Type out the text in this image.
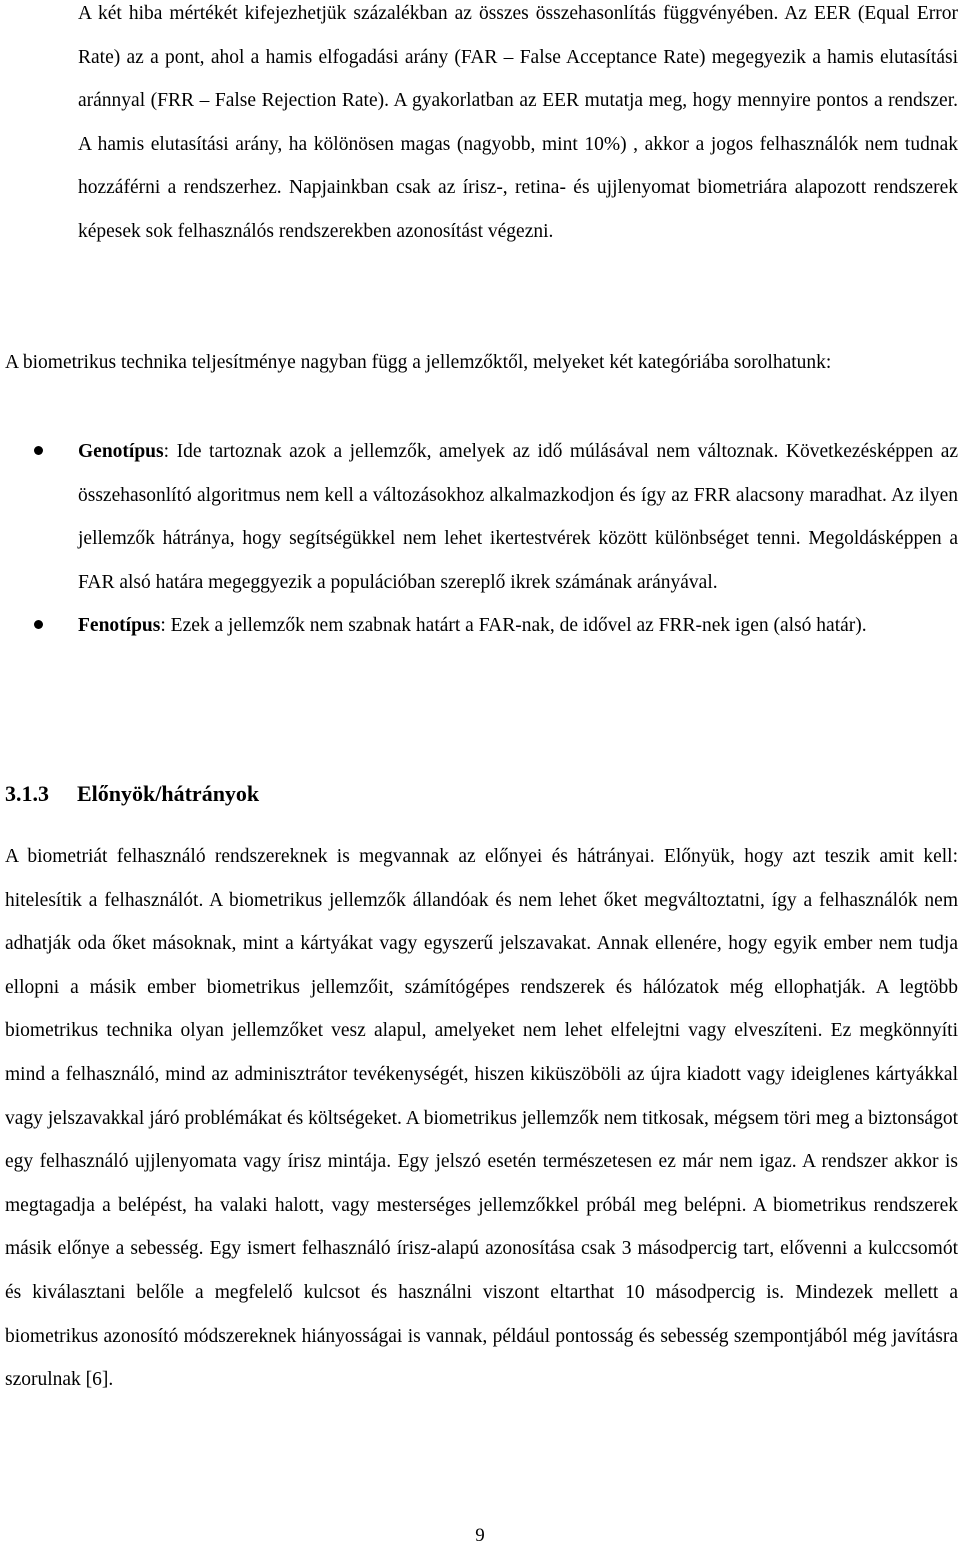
A két hiba mértékét kifejezhetjük százalékban az összes összehasonlítás függvényében. Az EER (Equal Error Rate) az a pont, ahol a hamis elfogadási arány (FAR – False Acceptance Rate) megegyezik a hamis elutasítási aránnyal (FRR – False Rejection Rate). A gyakorlatban az EER mutatja meg, hogy mennyire pontos a rendszer. A hamis elutasítási arány, ha kölönösen magas (nagyobb, mint 10%) , akkor a jogos felhasználók nem tudnak hozzáférni a rendszerhez. Napjainkban csak az írisz-, retina- és ujjlenyomat biometriára alapozott rendszerek képesek sok felhasználós rendszerekben azonosítást végezni.

A biometrikus technika teljesítménye nagyban függ a jellemzőktől, melyeket két kategóriába sorolhatunk:

Genotípus: Ide tartoznak azok a jellemzők, amelyek az idő múlásával nem változnak. Következésképpen az összehasonlító algoritmus nem kell a változásokhoz alkalmazkodjon és így az FRR alacsony maradhat. Az ilyen jellemzők hátránya, hogy segítségükkel nem lehet ikertestvérek között különbséget tenni. Megoldásképpen a FAR alsó határa megeggyezik a populációban szereplő ikrek számának arányával.
Fenotípus: Ezek a jellemzők nem szabnak határt a FAR-nak, de idővel az FRR-nek igen (alsó határ).
3.1.3 Előnyök/hátrányok

A biometriát felhasználó rendszereknek is megvannak az előnyei és hátrányai. Előnyük, hogy azt teszik amit kell: hitelesítik a felhasználót. A biometrikus jellemzők állandóak és nem lehet őket megváltoztatni, így a felhasználók nem adhatják oda őket másoknak, mint a kártyákat vagy egyszerű jelszavakat. Annak ellenére, hogy egyik ember nem tudja ellopni a másik ember biometrikus jellemzőit, számítógépes rendszerek és hálózatok még ellophatják. A legtöbb biometrikus technika olyan jellemzőket vesz alapul, amelyeket nem lehet elfelejtni vagy elveszíteni. Ez megkönnyíti mind a felhasználó, mind az adminisztrátor tevékenységét, hiszen kiküszöböli az újra kiadott vagy ideiglenes kártyákkal vagy jelszavakkal járó problémákat és költségeket. A biometrikus jellemzők nem titkosak, mégsem töri meg a biztonságot egy felhasználó ujjlenyomata vagy írisz mintája. Egy jelszó esetén természetesen ez már nem igaz. A rendszer akkor is megtagadja a belépést, ha valaki halott, vagy mesterséges jellemzőkkel próbál meg belépni. A biometrikus rendszerek másik előnye a sebesség. Egy ismert felhasználó írisz-alapú azonosítása csak 3 másodpercig tart, elővenni a kulccsomót és kiválasztani belőle a megfelelő kulcsot és használni viszont eltarthat 10 másodpercig is. Mindezek mellett a biometrikus azonosító módszereknek hiányosságai is vannak, például pontosság és sebesség szempontjából még javításra szorulnak [6].

9
